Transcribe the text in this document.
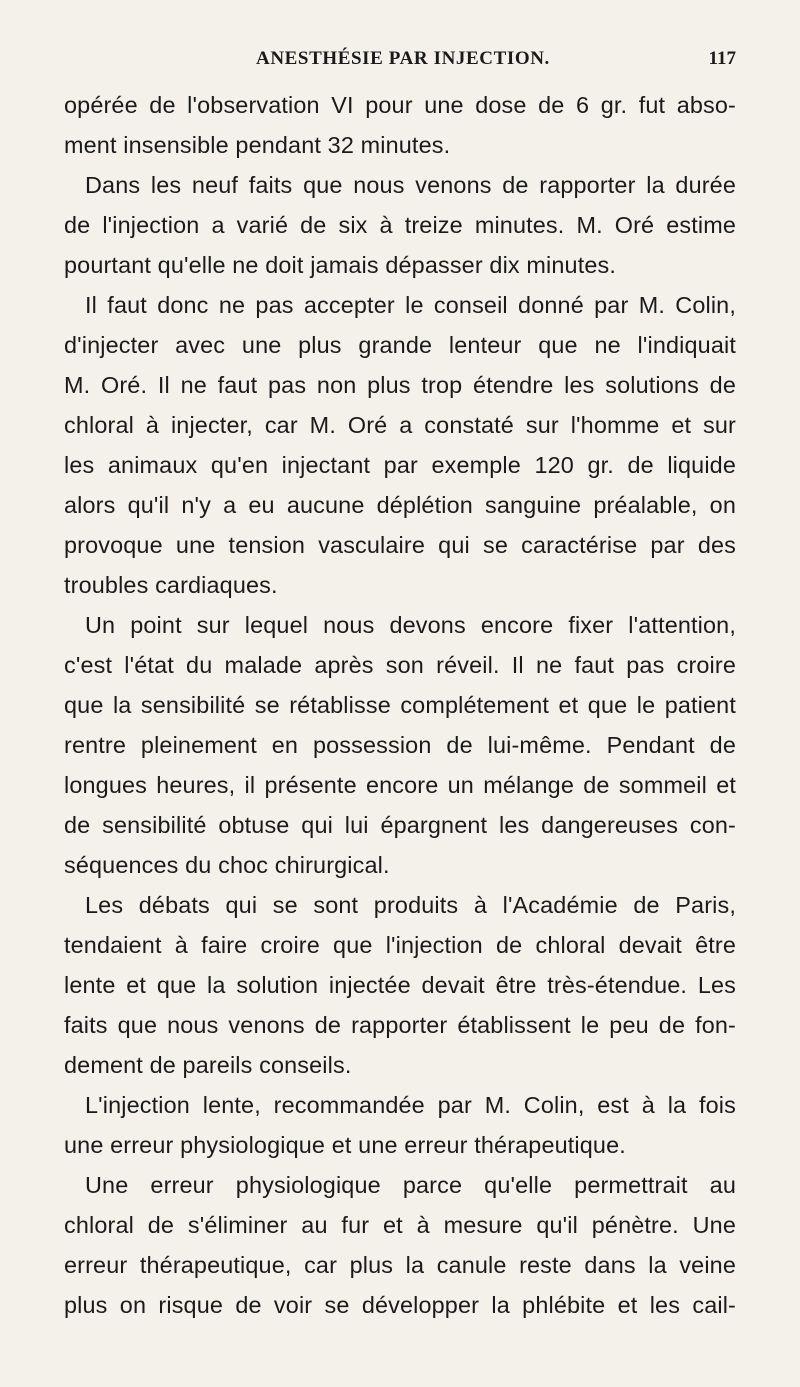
ANESTHÉSIE PAR INJECTION.	117
opérée de l'observation VI pour une dose de 6 gr. fut abso-
ment insensible pendant 32 minutes.
Dans les neuf faits que nous venons de rapporter la durée
de l'injection a varié de six à treize minutes. M. Oré estime
pourtant qu'elle ne doit jamais dépasser dix minutes.
Il faut donc ne pas accepter le conseil donné par M. Colin,
d'injecter avec une plus grande lenteur que ne l'indiquait
M. Oré. Il ne faut pas non plus trop étendre les solutions de
chloral à injecter, car M. Oré a constaté sur l'homme et sur
les animaux qu'en injectant par exemple 120 gr. de liquide
alors qu'il n'y a eu aucune déplétion sanguine préalable, on
provoque une tension vasculaire qui se caractérise par des
troubles cardiaques.
Un point sur lequel nous devons encore fixer l'attention,
c'est l'état du malade après son réveil. Il ne faut pas croire
que la sensibilité se rétablisse complétement et que le patient
rentre pleinement en possession de lui-même. Pendant de
longues heures, il présente encore un mélange de sommeil et
de sensibilité obtuse qui lui épargnent les dangereuses con-
séquences du choc chirurgical.
Les débats qui se sont produits à l'Académie de Paris,
tendaient à faire croire que l'injection de chloral devait être
lente et que la solution injectée devait être très-étendue. Les
faits que nous venons de rapporter établissent le peu de fon-
dement de pareils conseils.
L'injection lente, recommandée par M. Colin, est à la fois
une erreur physiologique et une erreur thérapeutique.
Une erreur physiologique parce qu'elle permettrait au
chloral de s'éliminer au fur et à mesure qu'il pénètre. Une
erreur thérapeutique, car plus la canule reste dans la veine
plus on risque de voir se développer la phlébite et les cail-
